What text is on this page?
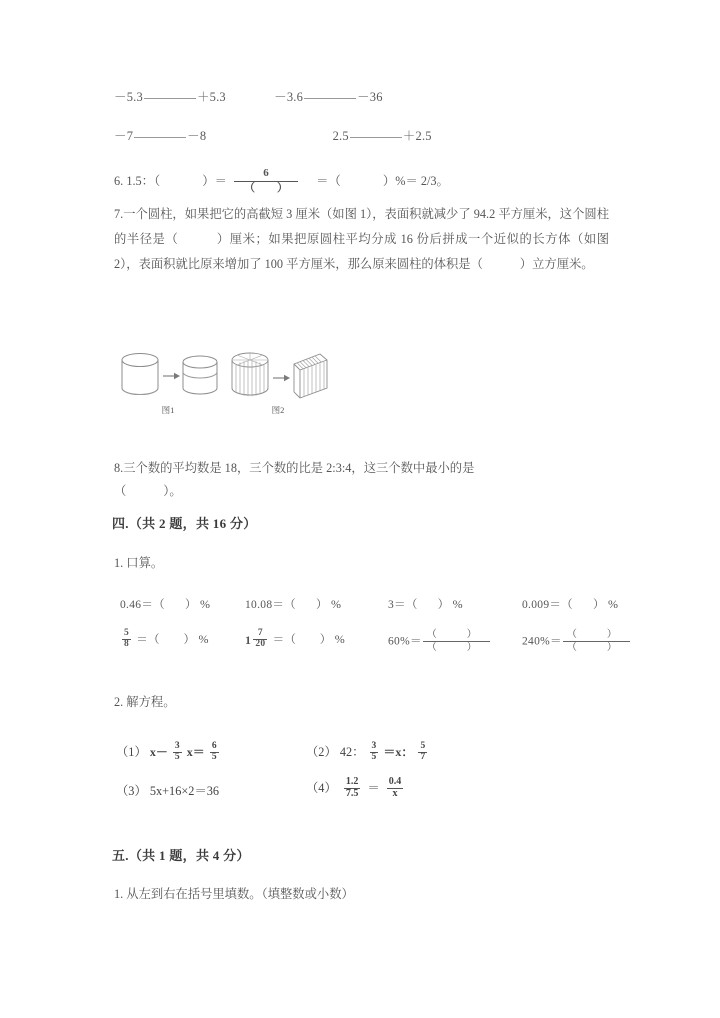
－5.3	＋5.3	－3.6	－36
－7	－8	2.5	＋2.5
6. 1.5：（	）＝ $\frac{6}{( )}$ ＝（	）%＝ 2/3。
7.一个圆柱，如果把它的高截短 3 厘米（如图 1），表面积就减少了 94.2 平方厘米，这个圆柱的半径是（　　　）厘米；如果把原圆柱平均分成 16 份后拼成一个近似的长方体（如图 2），表面积就比原来增加了 100 平方厘米，那么原来圆柱的体积是（　　　）立方厘米。
图1	图2
8.三个数的平均数是 18，三个数的比是 2:3:4，这三个数中最小的是
（　　　）。
四.（共 2 题，共 16 分）
1. 口算。
0.46＝（ ） %	10.08＝（ ） %	3＝（ ） %	0.009＝（ ） %
$\frac{5}{8}$ ＝（　　） %	$1 \frac{7}{20}$ ＝（　　） %	$60\%= \frac{( )}{( )}$	$240\%= \frac{( )}{( )}$
2. 解方程。
（1） $x- \frac{3}{5} x= \frac{6}{5}$	（2） 42： $\frac{3}{5} =x$： $\frac{5}{7}$
（3） 5x+16×2＝36	$(4) \frac{1.2}{7.5} = \frac{0.4}{x}$
五.（共 1 题，共 4 分）
1. 从左到右在括号里填数。（填整数或小数）
